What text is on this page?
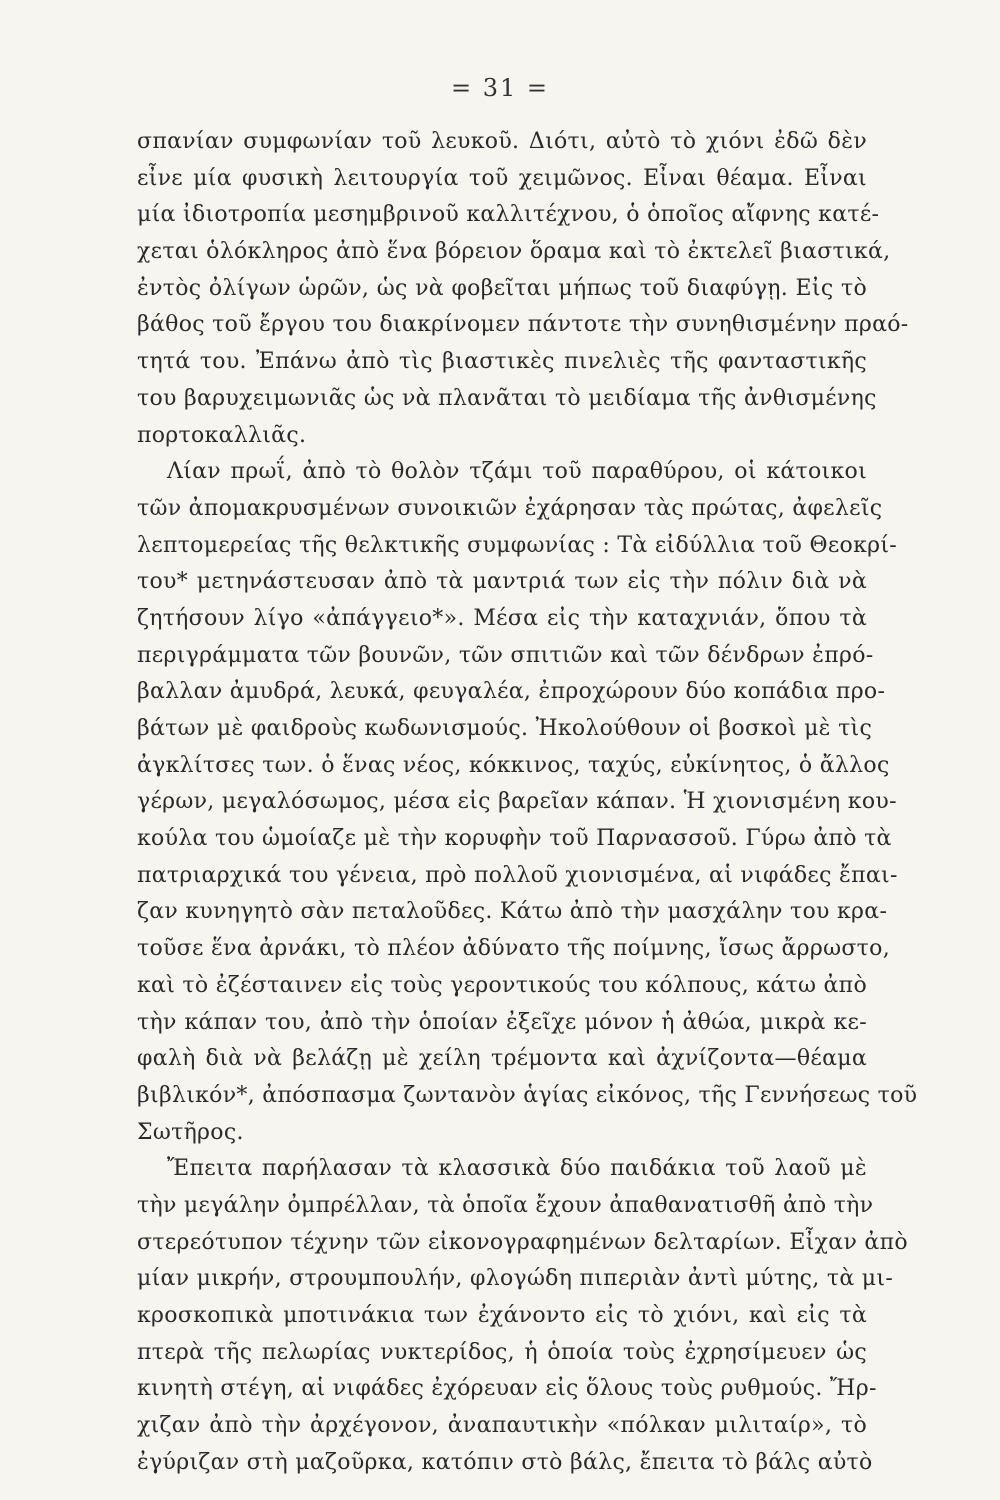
= 31 =
σπανίαν συμφωνίαν τοῦ λευκοῦ. Διότι, αὐτὸ τὸ χιόνι ἐδῶ δὲν
εἶνε μία φυσικὴ λειτουργία τοῦ χειμῶνος. Εἶναι θέαμα. Εἶναι
μία ἰδιοτροπία μεσημβρινοῦ καλλιτέχνου, ὁ ὁποῖος αἴφνης κατέ-
χεται ὁλόκληρος ἀπὸ ἕνα βόρειον ὅραμα καὶ τὸ ἐκτελεῖ βιαστικά,
ἐντὸς ὀλίγων ὡρῶν, ὡς νὰ φοβεῖται μήπως τοῦ διαφύγῃ. Εἰς τὸ
βάθος τοῦ ἔργου του διακρίνομεν πάντοτε τὴν συνηθισμένην πραό-
τητά του. Ἐπάνω ἀπὸ τὶς βιαστικὲς πινελιὲς τῆς φανταστικῆς
του βαρυχειμωνιᾶς ὡς νὰ πλανᾶται τὸ μειδίαμα τῆς ἀνθισμένης
πορτοκαλλιᾶς.
Λίαν πρωΐ, ἀπὸ τὸ θολὸν τζάμι τοῦ παραθύρου, οἱ κάτοικοι
τῶν ἀπομακρυσμένων συνοικιῶν ἐχάρησαν τὰς πρώτας, ἀφελεῖς
λεπτομερείας τῆς θελκτικῆς συμφωνίας : Τὰ εἰδύλλια τοῦ Θεοκρί-
του* μετηνάστευσαν ἀπὸ τὰ μαντριά των εἰς τὴν πόλιν διὰ νὰ
ζητήσουν λίγο «ἀπάγγειο*». Μέσα εἰς τὴν καταχνιάν, ὅπου τὰ
περιγράμματα τῶν βουνῶν, τῶν σπιτιῶν καὶ τῶν δένδρων ἐπρό-
βαλλαν ἀμυδρά, λευκά, φευγαλέα, ἐπροχώρουν δύο κοπάδια προ-
βάτων μὲ φαιδροὺς κωδωνισμούς. Ἠκολούθουν οἱ βοσκοὶ μὲ τὶς
ἀγκλίτσες των. ὁ ἕνας νέος, κόκκινος, ταχύς, εὐκίνητος, ὁ ἄλλος
γέρων, μεγαλόσωμος, μέσα εἰς βαρεῖαν κάπαν. Ἡ χιονισμένη κου-
κούλα του ὡμοίαζε μὲ τὴν κορυφὴν τοῦ Παρνασσοῦ. Γύρω ἀπὸ τὰ
πατριαρχικά του γένεια, πρὸ πολλοῦ χιονισμένα, αἱ νιφάδες ἔπαι-
ζαν κυνηγητὸ σὰν πεταλοῦδες. Κάτω ἀπὸ τὴν μασχάλην του κρα-
τοῦσε ἕνα ἀρνάκι, τὸ πλέον ἀδύνατο τῆς ποίμνης, ἴσως ἄρρωστο,
καὶ τὸ ἐζέσταινεν εἰς τοὺς γεροντικούς του κόλπους, κάτω ἀπὸ
τὴν κάπαν του, ἀπὸ τὴν ὁποίαν ἐξεῖχε μόνον ἡ ἀθώα, μικρὰ κε-
φαλὴ διὰ νὰ βελάζῃ μὲ χείλη τρέμοντα καὶ ἀχνίζοντα—θέαμα
βιβλικόν*, ἀπόσπασμα ζωντανὸν ἁγίας εἰκόνος, τῆς Γεννήσεως τοῦ
Σωτῆρος.
Ἔπειτα παρήλασαν τὰ κλασσικὰ δύο παιδάκια τοῦ λαοῦ μὲ
τὴν μεγάλην ὀμπρέλλαν, τὰ ὁποῖα ἔχουν ἀπαθανατισθῆ ἀπὸ τὴν
στερεότυπον τέχνην τῶν εἰκονογραφημένων δελταρίων. Εἶχαν ἀπὸ
μίαν μικρήν, στρουμπουλήν, φλογώδη πιπεριὰν ἀντὶ μύτης, τὰ μι-
κροσκοπικὰ μποτινάκια των ἐχάνοντο εἰς τὸ χιόνι, καὶ εἰς τὰ
πτερὰ τῆς πελωρίας νυκτερίδος, ἡ ὁποία τοὺς ἐχρησίμευεν ὡς
κινητὴ στέγη, αἱ νιφάδες ἐχόρευαν εἰς ὅλους τοὺς ρυθμούς. Ἤρ-
χιζαν ἀπὸ τὴν ἀρχέγονον, ἀναπαυτικὴν «πόλκαν μιλιταίρ», τὸ
ἐγύριζαν στὴ μαζοῦρκα, κατόπιν στὸ βάλς, ἔπειτα τὸ βάλς αὐτὸ
